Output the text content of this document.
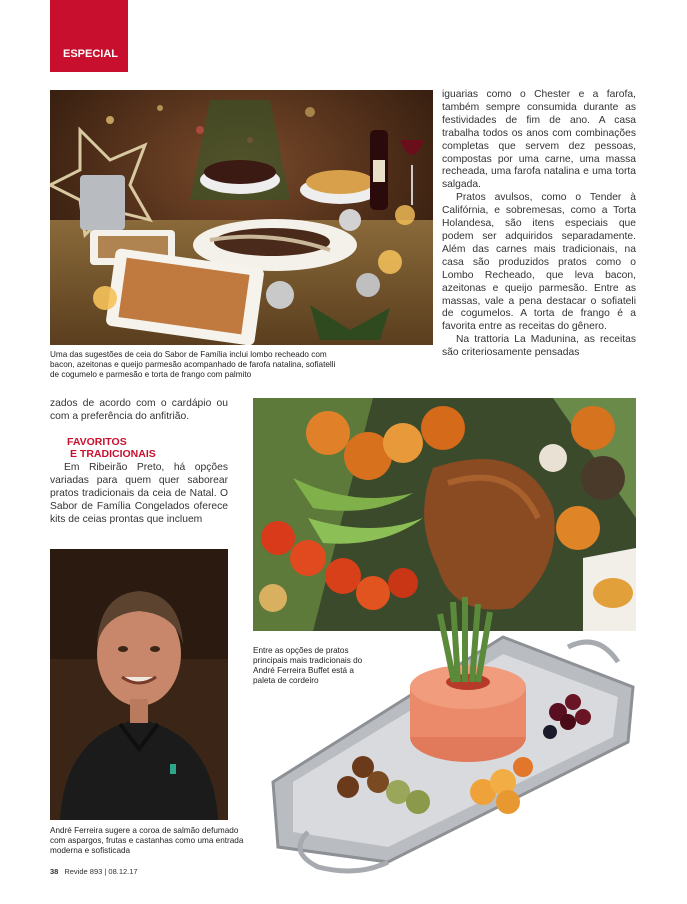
ESPECIAL

Uma das sugestões de ceia do Sabor de Família inclui lombo recheado com bacon, azeitonas e queijo parmesão acompanhado de farofa natalina, sofiatelli de cogumelo e parmesão e torta de frango com palmito

iguarias como o Chester e a farofa, também sempre consumida durante as festividades de fim de ano. A casa trabalha todos os anos com combinações completas que servem dez pessoas, compostas por uma carne, uma massa recheada, uma farofa natalina e uma torta salgada.

Pratos avulsos, como o Tender à Califórnia, e sobremesas, como a Torta Holandesa, são itens especiais que podem ser adquiridos separadamente. Além das carnes mais tradicionais, na casa são produzidos pratos como o Lombo Recheado, que leva bacon, azeitonas e queijo parmesão. Entre as massas, vale a pena destacar o sofiateli de cogumelos. A torta de frango é a favorita entre as receitas do gênero.

Na trattoria La Madunina, as receitas são criteriosamente pensadas

zados de acordo com o cardápio ou com a preferência do anfitrião.

FAVORITOS
E TRADICIONAIS

Em Ribeirão Preto, há opções variadas para quem quer saborear pratos tradicionais da ceia de Natal. O Sabor de Família Congelados oferece kits de ceias prontas que incluem

Entre as opções de pratos principais mais tradicionais do André Ferreira Buffet está a paleta de cordeiro

André Ferreira sugere a coroa de salmão defumado com aspargos, frutas e castanhas como uma entrada moderna e sofisticada

38 Revide 893 | 08.12.17
